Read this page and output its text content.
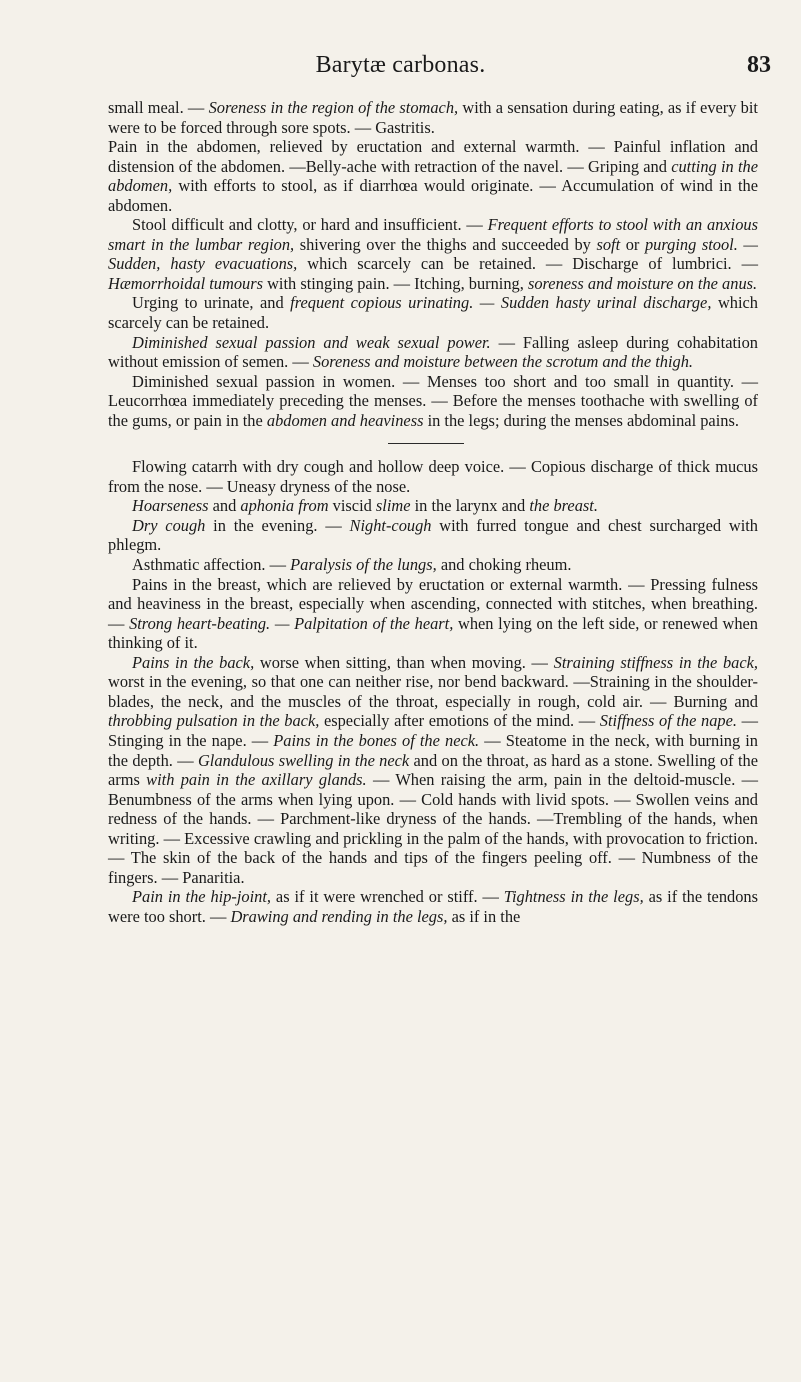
Barytæ carbonas.	83

small meal. — Soreness in the region of the stomach, with a sensation during eating, as if every bit were to be forced through sore spots. — Gastritis.

Pain in the abdomen, relieved by eructation and external warmth. — Painful inflation and distension of the abdomen. —Belly-ache with retraction of the navel. — Griping and cutting in the abdomen, with efforts to stool, as if diarrhœa would originate. — Accumulation of wind in the abdomen.

Stool difficult and clotty, or hard and insufficient. — Frequent efforts to stool with an anxious smart in the lumbar region, shivering over the thighs and succeeded by soft or purging stool. — Sudden, hasty evacuations, which scarcely can be retained. — Discharge of lumbrici. — Hæmorrhoidal tumours with stinging pain. — Itching, burning, soreness and moisture on the anus.

Urging to urinate, and frequent copious urinating. — Sudden hasty urinal discharge, which scarcely can be retained.

Diminished sexual passion and weak sexual power. — Falling asleep during cohabitation without emission of semen. — Soreness and moisture between the scrotum and the thigh.

Diminished sexual passion in women. — Menses too short and too small in quantity. — Leucorrhœa immediately preceding the menses. — Before the menses toothache with swelling of the gums, or pain in the abdomen and heaviness in the legs; during the menses abdominal pains.

Flowing catarrh with dry cough and hollow deep voice. — Copious discharge of thick mucus from the nose. — Uneasy dryness of the nose.

Hoarseness and aphonia from viscid slime in the larynx and the breast.

Dry cough in the evening. — Night-cough with furred tongue and chest surcharged with phlegm.

Asthmatic affection. — Paralysis of the lungs, and choking rheum.

Pains in the breast, which are relieved by eructation or external warmth. — Pressing fulness and heaviness in the breast, especially when ascending, connected with stitches, when breathing. — Strong heart-beating. — Palpitation of the heart, when lying on the left side, or renewed when thinking of it.

Pains in the back, worse when sitting, than when moving. — Straining stiffness in the back, worst in the evening, so that one can neither rise, nor bend backward. —Straining in the shoulder-blades, the neck, and the muscles of the throat, especially in rough, cold air. — Burning and throbbing pulsation in the back, especially after emotions of the mind. — Stiffness of the nape. — Stinging in the nape. — Pains in the bones of the neck. — Steatome in the neck, with burning in the depth. — Glandulous swelling in the neck and on the throat, as hard as a stone. Swelling of the arms with pain in the axillary glands. — When raising the arm, pain in the deltoid-muscle. — Benumbness of the arms when lying upon. — Cold hands with livid spots. — Swollen veins and redness of the hands. — Parchment-like dryness of the hands. —Trembling of the hands, when writing. — Excessive crawling and prickling in the palm of the hands, with provocation to friction. — The skin of the back of the hands and tips of the fingers peeling off. — Numbness of the fingers. — Panaritia.

Pain in the hip-joint, as if it were wrenched or stiff. — Tightness in the legs, as if the tendons were too short. — Drawing and rending in the legs, as if in the
